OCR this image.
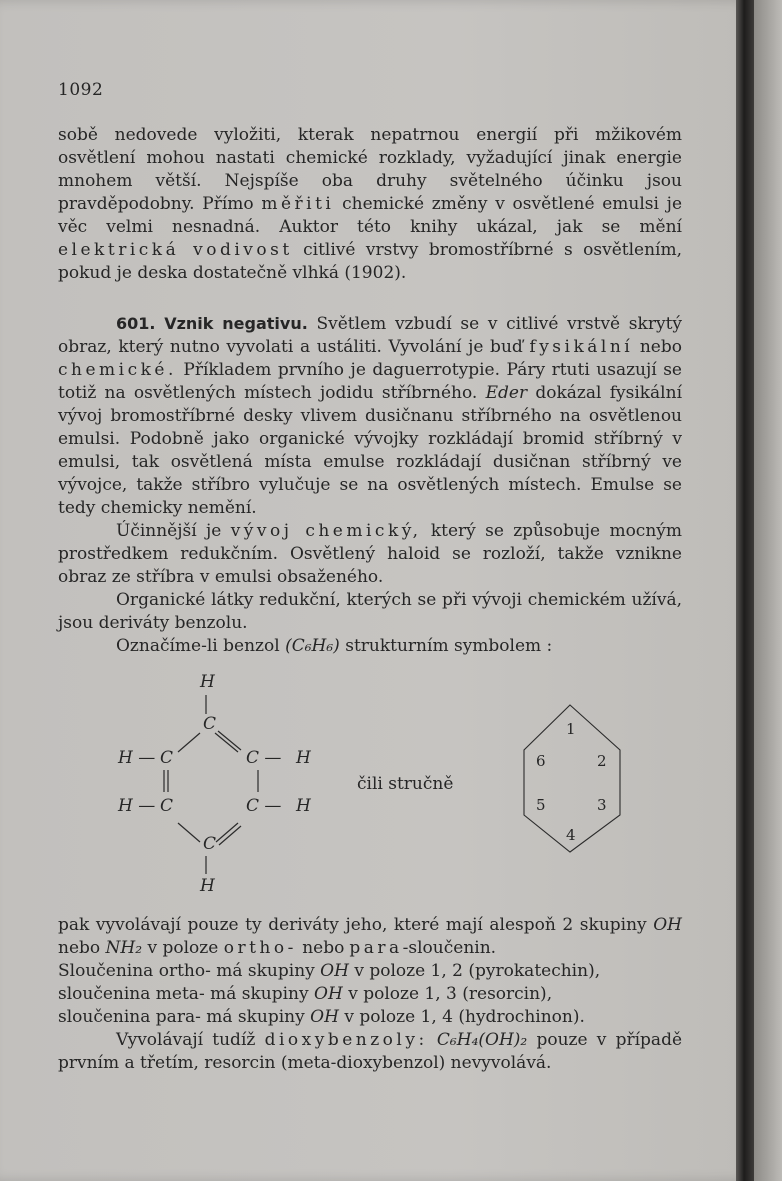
1092

sobě nedovede vyložiti, kterak nepatrnou energií při mžikovém osvětlení mohou nastati chemické rozklady, vyžadující jinak energie mnohem větší. Nejspíše oba druhy světelného účinku jsou pravděpodobny. Přímo měřiti chemické změny v osvětlené emulsi je věc velmi nesnadná. Auktor této knihy ukázal, jak se mění elektrická vodivost citlivé vrstvy bromostříbrné s osvětlením, pokud je deska dostatečně vlhká (1902).

601. Vznik negativu. Světlem vzbudí se v citlivé vrstvě skrytý obraz, který nutno vyvolati a ustáliti. Vyvolání je buď fysikální nebo chemické. Příkladem prvního je daguerrotypie. Páry rtuti usazují se totiž na osvětlených místech jodidu stříbrného. Eder dokázal fysikální vývoj bromostříbrné desky vlivem dusičnanu stříbrného na osvětlenou emulsi. Podobně jako organické vývojky rozkládají bromid stříbrný v emulsi, tak osvětlená místa emulse rozkládají dusičnan stříbrný ve vývojce, takže stříbro vylučuje se na osvětlených místech. Emulse se tedy chemicky nemění.

Účinnější je vývoj chemický, který se způsobuje mocným prostředkem redukčním. Osvětlený haloid se rozloží, takže vznikne obraz ze stříbra v emulsi obsaženého.

Organické látky redukční, kterých se při vývoji chemickém užívá, jsou deriváty benzolu.

Označíme-li benzol (C₆H₆) strukturním symbolem :

H
C
H — C	C — H
H — C	C — H
C
H
čili stručně
1
2
3
4
5
6

pak vyvolávají pouze ty deriváty jeho, které mají alespoň 2 skupiny OH nebo NH₂ v poloze ortho- nebo para-sloučenin.

Sloučenina ortho- má skupiny OH v poloze 1, 2 (pyrokatechin),

sloučenina meta- má skupiny OH v poloze 1, 3 (resorcin),

sloučenina para- má skupiny OH v poloze 1, 4 (hydrochinon).

Vyvolávají tudíž dioxybenzoly: C₆H₄(OH)₂ pouze v případě prvním a třetím, resorcin (meta-dioxybenzol) nevyvolává.
